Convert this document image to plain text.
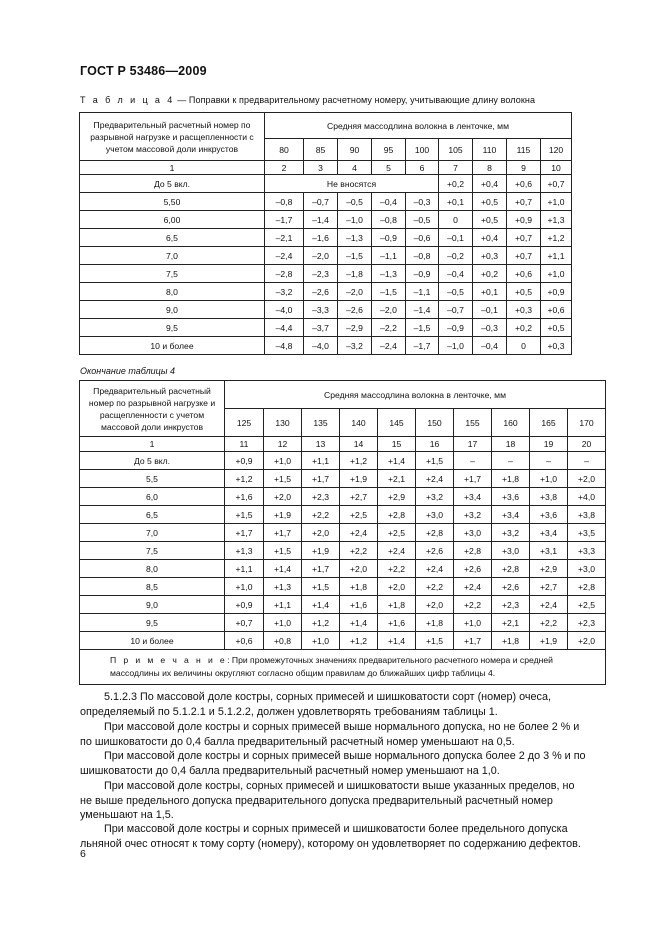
ГОСТ Р 53486—2009
Т а б л и ц а 4 — Поправки к предварительному расчетному номеру, учитывающие длину волокна
Предварительный расчетный номер по разрывной нагрузке и расщепленности с учетом массовой доли инкрустов	Средняя массодлина волокна в ленточке, мм								
	80	85	90	95	100	105	110	115	120
1	2	3	4	5	6	7	8	9	10
До 5 вкл.	Не вносятся					+0,2	+0,4	+0,6	+0,7
5,50	–0,8	–0,7	–0,5	–0,4	–0,3	+0,1	+0,5	+0,7	+1,0
6,00	–1,7	–1,4	–1,0	–0,8	–0,5	0	+0,5	+0,9	+1,3
6,5	–2,1	–1,6	–1,3	–0,9	–0,6	–0,1	+0,4	+0,7	+1,2
7,0	–2,4	–2,0	–1,5	–1,1	–0,8	–0,2	+0,3	+0,7	+1,1
7,5	–2,8	–2,3	–1,8	–1,3	–0,9	–0,4	+0,2	+0,6	+1,0
8,0	–3,2	–2,6	–2,0	–1,5	–1,1	–0,5	+0,1	+0,5	+0,9
9,0	–4,0	–3,3	–2,6	–2,0	–1,4	–0,7	–0,1	+0,3	+0,6
9,5	–4,4	–3,7	–2,9	–2,2	–1,5	–0,9	–0,3	+0,2	+0,5
10 и более	–4,8	–4,0	–3,2	–2,4	–1,7	–1,0	–0,4	0	+0,3
Окончание таблицы 4
Предварительный расчетный номер по разрывной нагрузке и расщепленности с учетом массовой доли инкрустов	Средняя массодлина волокна в ленточке, мм									
	125	130	135	140	145	150	155	160	165	170
1	11	12	13	14	15	16	17	18	19	20
До 5 вкл.	+0,9	+1,0	+1,1	+1,2	+1,4	+1,5	–	–	–	–
5,5	+1,2	+1,5	+1,7	+1,9	+2,1	+2,4	+1,7	+1,8	+1,0	+2,0
6,0	+1,6	+2,0	+2,3	+2,7	+2,9	+3,2	+3,4	+3,6	+3,8	+4,0
6,5	+1,5	+1,9	+2,2	+2,5	+2,8	+3,0	+3,2	+3,4	+3,6	+3,8
7,0	+1,7	+1,7	+2,0	+2,4	+2,5	+2,8	+3,0	+3,2	+3,4	+3,5
7,5	+1,3	+1,5	+1,9	+2,2	+2,4	+2,6	+2,8	+3,0	+3,1	+3,3
8,0	+1,1	+1,4	+1,7	+2,0	+2,2	+2,4	+2,6	+2,8	+2,9	+3,0
8,5	+1,0	+1,3	+1,5	+1,8	+2,0	+2,2	+2,4	+2,6	+2,7	+2,8
9,0	+0,9	+1,1	+1,4	+1,6	+1,8	+2,0	+2,2	+2,3	+2,4	+2,5
9,5	+0,7	+1,0	+1,2	+1,4	+1,6	+1,8	+1,0	+2,1	+2,2	+2,3
10 и более	+0,6	+0,8	+1,0	+1,2	+1,4	+1,5	+1,7	+1,8	+1,9	+2,0
П р и м е ч а н и е: При промежуточных значениях предварительного расчетного номера и средней массодлины их величины округляют согласно общим правилам до ближайших цифр таблицы 4.										
5.1.2.3 По массовой доле костры, сорных примесей и шишковатости сорт (номер) очеса, определяемый по 5.1.2.1 и 5.1.2.2, должен удовлетворять требованиям таблицы 1.
При массовой доле костры и сорных примесей выше нормального допуска, но не более 2 % и по шишковатости до 0,4 балла предварительный расчетный номер уменьшают на 0,5.
При массовой доле костры и сорных примесей выше нормального допуска более 2 до 3 % и по шишковатости до 0,4 балла предварительный расчетный номер уменьшают на 1,0.
При массовой доле костры, сорных примесей и шишковатости выше указанных пределов, но не выше предельного допуска предварительного допуска предварительный расчетный номер уменьшают на 1,5.
При массовой доле костры и сорных примесей и шишковатости более предельного допуска льняной очес относят к тому сорту (номеру), которому он удовлетворяет по содержанию дефектов.
6
